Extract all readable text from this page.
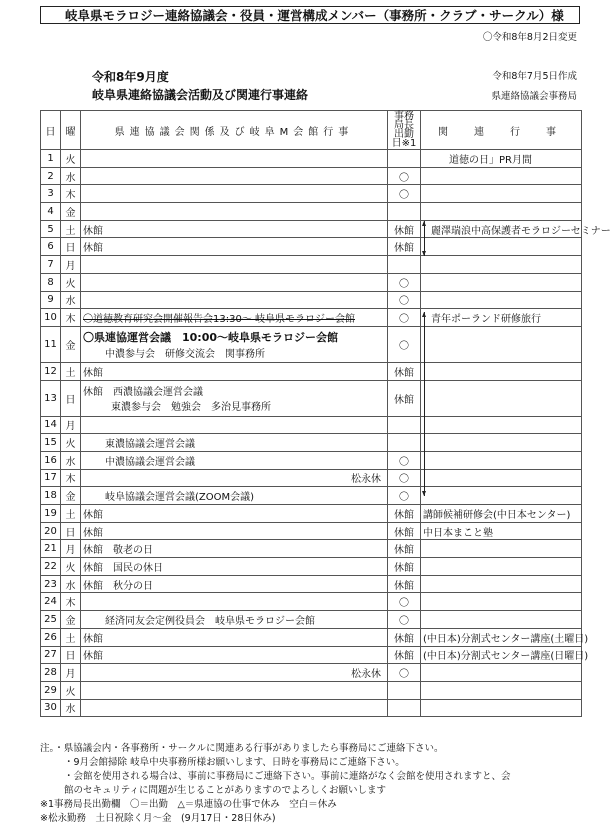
岐阜県モラロジー連絡協議会・役員・運営構成メンバー（事務所・クラブ・サークル）様
〇令和8年8月2日変更
令和8年9月度	令和8年7月5日作成
岐阜県連絡協議会活動及び関連行事連絡	県連絡協議会事務局
日	曜	県連協議会関係及び岐阜M会館行事	事務局長出勤日※1	関　連　行　事
1	火			道徳の日」PR月間
2	水		〇	
3	木		〇	
4	金	

5	土	休館	休館	麗澤瑞浪中高保護者モラロジーセミナー
6	日	休館	休館	
7	月	

8	火		〇	
9	水		〇	
10	木	〇道徳教育研究会開催報告会13:30～ 岐阜県モラロジー会館	〇	青年ポーランド研修旅行
11	金	〇県連協運営会議　10:00～岐阜県モラロジー会館
中濃参与会　研修交流会　関事務所	〇	
12	土	休館	休館	
13	日	休館 西濃協議会運営会議
東濃参与会　勉強会　多治見事務所	休館	
14	月	

15	火	東濃協議会運営会議		

16	水	中濃協議会運営会議	〇	
17	木	松永休	〇	
18	金	岐阜協議会運営会議(ZOOM会議)	〇	
19	土	休館	休館	講師候補研修会(中日本センター)
20	日	休館	休館	中日本まこと塾
21	月	休館 敬老の日	休館	
22	火	休館 国民の休日	休館	
23	水	休館 秋分の日	休館	
24	木		〇	
25	金	経済同友会定例役員会　岐阜県モラロジー会館	〇	
26	土	休館	休館	(中日本)分割式センター講座(土曜日)
27	日	休館	休館	(中日本)分割式センター講座(日曜日)
28	月	松永休	〇	
29	火	

30	水	

注。・県協議会内・各事務所・サークルに関連ある行事がありましたら事務局にご連絡下さい。
・9月会館掃除 岐阜中央事務所様お願いします、日時を事務局にご連絡下さい。
・会館を使用される場合は、事前に事務局にご連絡下さい。事前に連絡がなく会館を使用されますと、会
館のセキュリティに問題が生じることがありますのでよろしくお願いします
※1事務局長出勤欄　〇＝出勤　△＝県連協の仕事で休み　空白＝休み
※松永勤務　土日祝除く月～金　(9月17日・28日休み)
